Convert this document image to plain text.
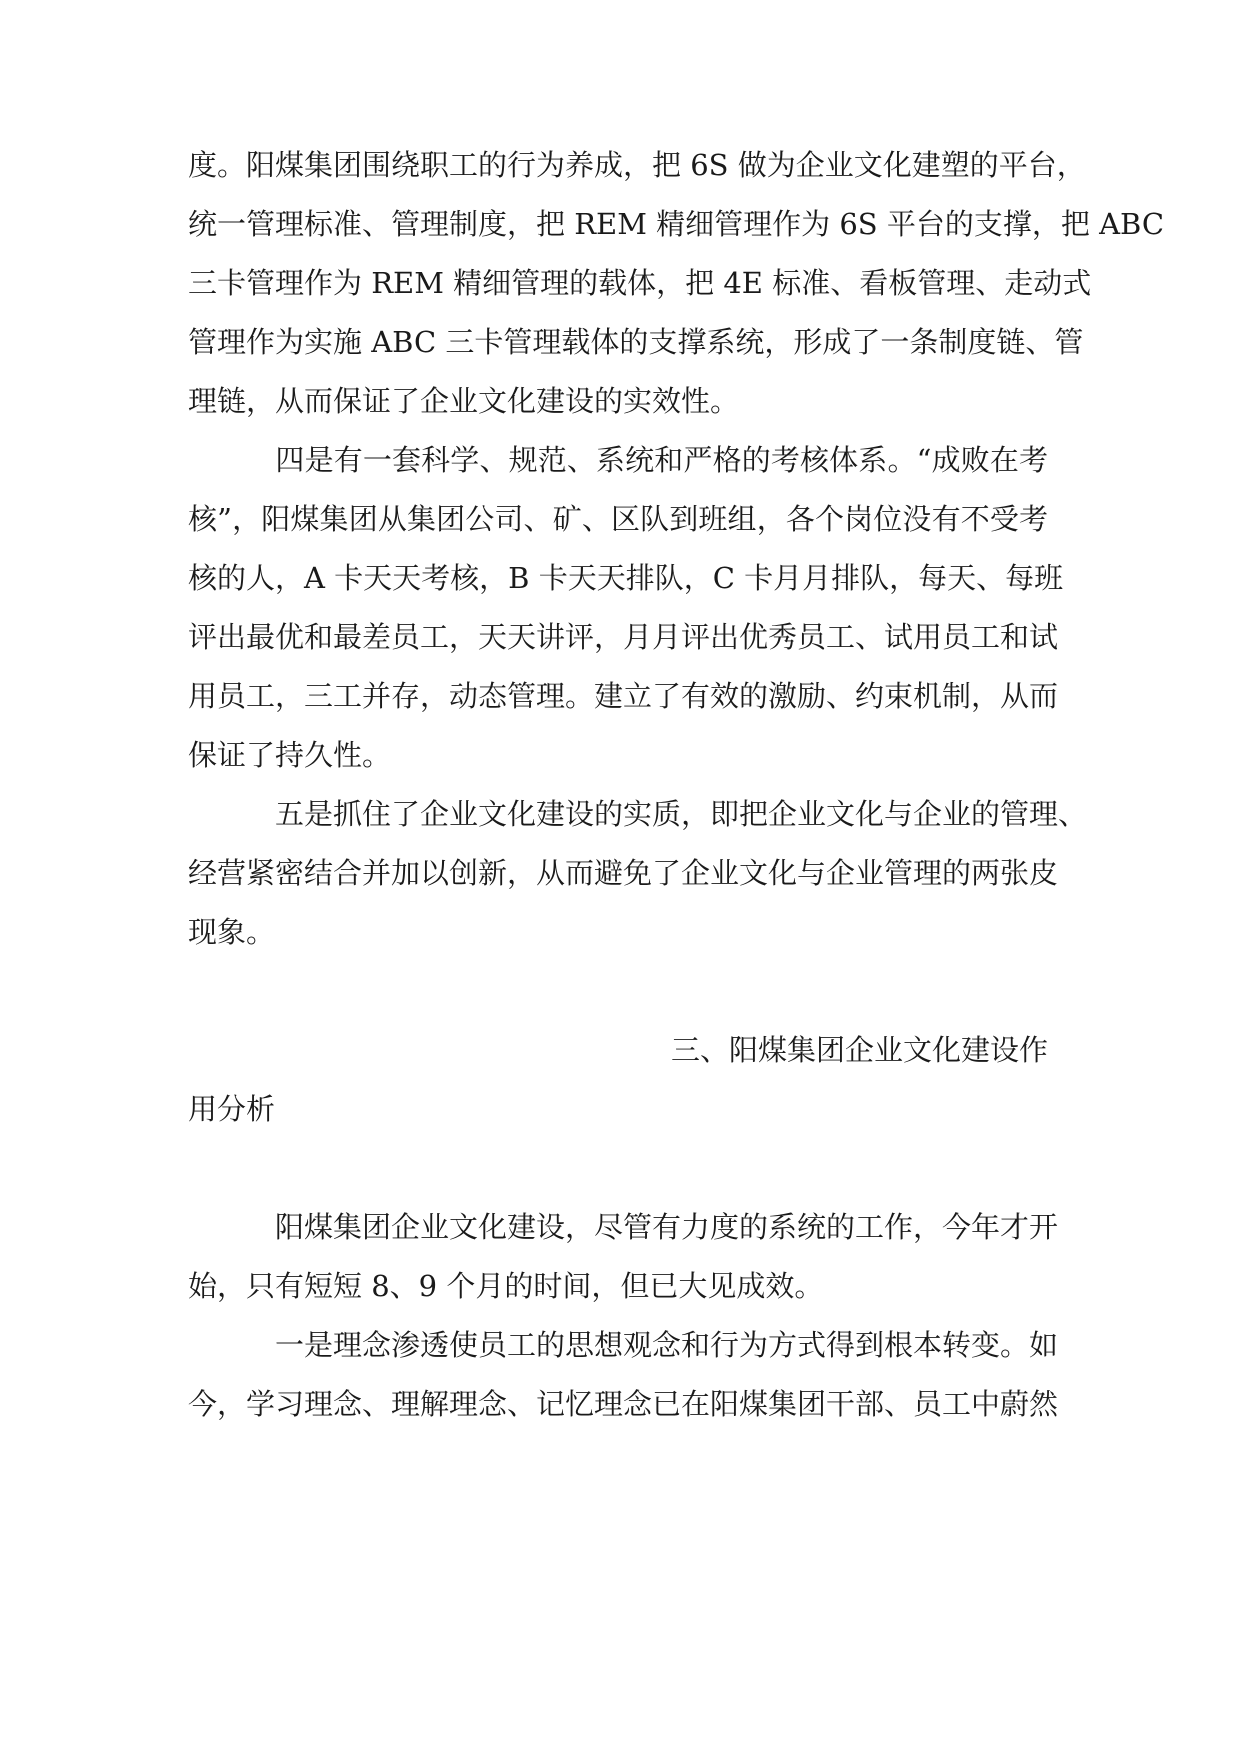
度。阳煤集团围绕职工的行为养成，把 6S 做为企业文化建塑的平台，
统一管理标准、管理制度，把 REM 精细管理作为 6S 平台的支撑，把 ABC
三卡管理作为 REM 精细管理的载体，把 4E 标准、看板管理、走动式
管理作为实施 ABC 三卡管理载体的支撑系统，形成了一条制度链、管
理链，从而保证了企业文化建设的实效性。
　　　四是有一套科学、规范、系统和严格的考核体系。“成败在考
核”，阳煤集团从集团公司、矿、区队到班组，各个岗位没有不受考
核的人，A 卡天天考核，B 卡天天排队，C 卡月月排队，每天、每班
评出最优和最差员工，天天讲评，月月评出优秀员工、试用员工和试
用员工，三工并存，动态管理。建立了有效的激励、约束机制，从而
保证了持久性。
　　　五是抓住了企业文化建设的实质，即把企业文化与企业的管理、
经营紧密结合并加以创新，从而避免了企业文化与企业管理的两张皮
现象。
三、阳煤集团企业文化建设作
用分析
　　　阳煤集团企业文化建设，尽管有力度的系统的工作，今年才开
始，只有短短 8、9 个月的时间，但已大见成效。
　　　一是理念渗透使员工的思想观念和行为方式得到根本转变。如
今，学习理念、理解理念、记忆理念已在阳煤集团干部、员工中蔚然
